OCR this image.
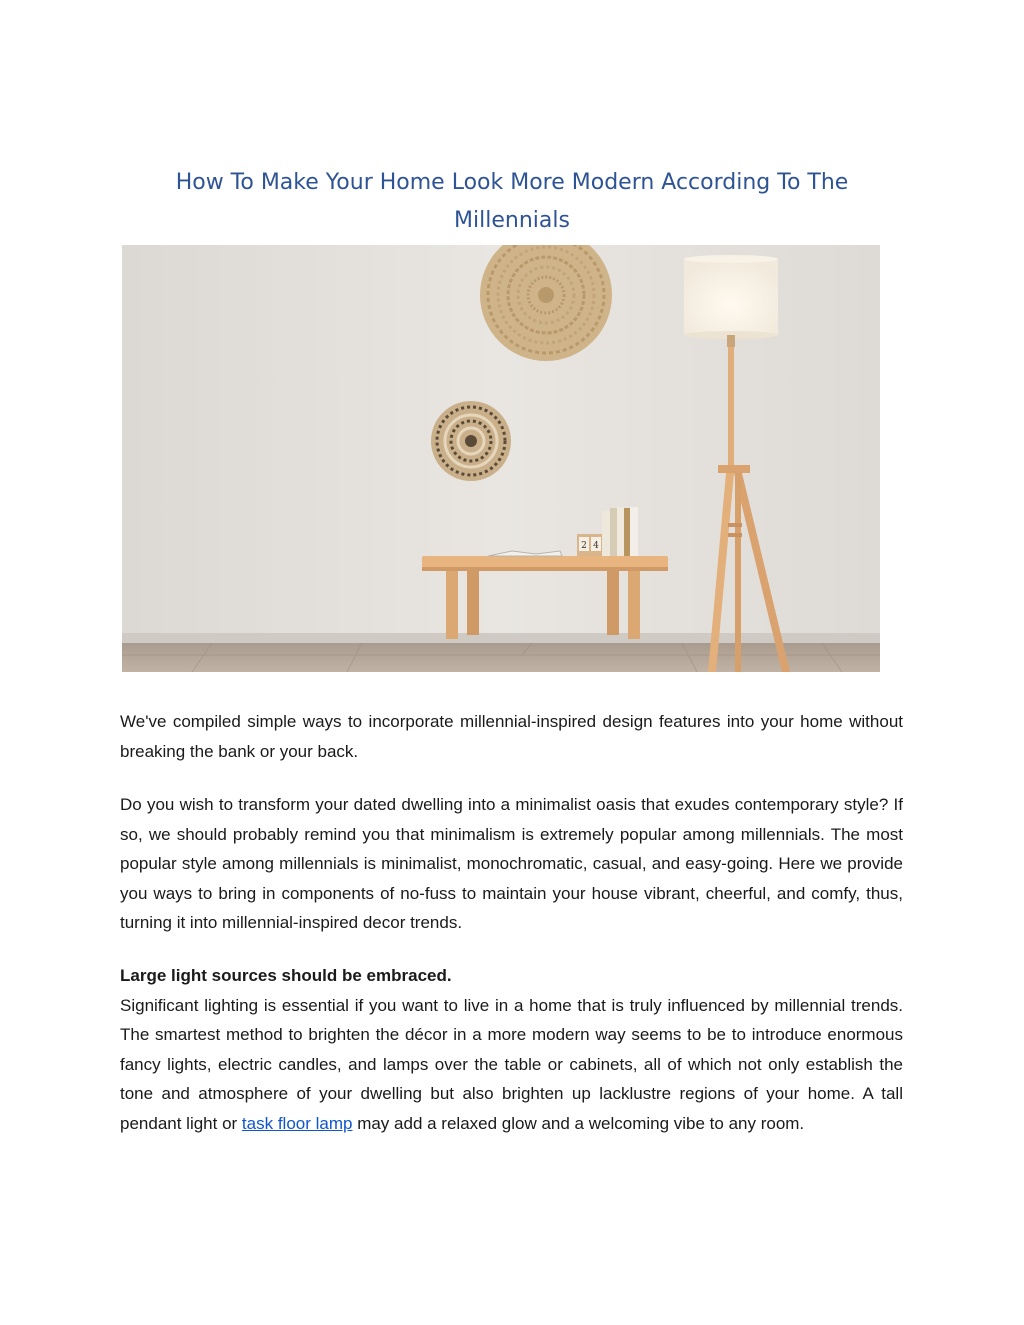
How To Make Your Home Look More Modern According To The Millennials
2 4

We've compiled simple ways to incorporate millennial-inspired design features into your home without breaking the bank or your back.

Do you wish to transform your dated dwelling into a minimalist oasis that exudes contemporary style? If so, we should probably remind you that minimalism is extremely popular among millennials. The most popular style among millennials is minimalist, monochromatic, casual, and easy-going. Here we provide you ways to bring in components of no-fuss to maintain your house vibrant, cheerful, and comfy, thus, turning it into millennial-inspired decor trends.

Large light sources should be embraced.
Significant lighting is essential if you want to live in a home that is truly influenced by millennial trends. The smartest method to brighten the décor in a more modern way seems to be to introduce enormous fancy lights, electric candles, and lamps over the table or cabinets, all of which not only establish the tone and atmosphere of your dwelling but also brighten up lacklustre regions of your home. A tall pendant light or task floor lamp may add a relaxed glow and a welcoming vibe to any room.
